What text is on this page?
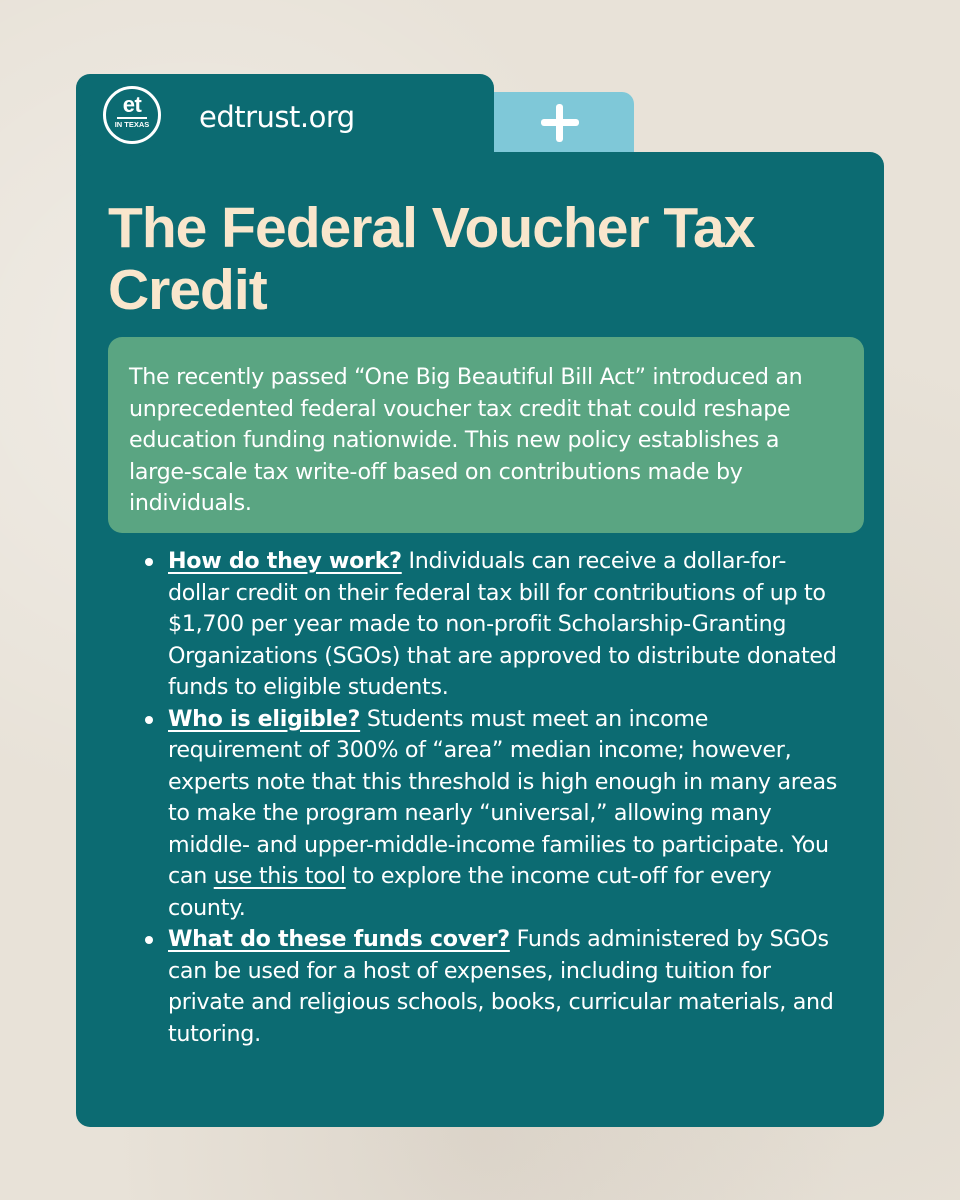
et
IN TEXAS	edtrust.org
The Federal Voucher Tax Credit
The recently passed “One Big Beautiful Bill Act” introduced an unprecedented federal voucher tax credit that could reshape education funding nationwide. This new policy establishes a large-scale tax write-off based on contributions made by individuals.
How do they work? Individuals can receive a dollar-for-dollar credit on their federal tax bill for contributions of up to $1,700 per year made to non-profit Scholarship-Granting Organizations (SGOs) that are approved to distribute donated funds to eligible students.
Who is eligible? Students must meet an income requirement of 300% of “area” median income; however, experts note that this threshold is high enough in many areas to make the program nearly “universal,” allowing many middle- and upper-middle-income families to participate. You can use this tool to explore the income cut-off for every county.
What do these funds cover? Funds administered by SGOs can be used for a host of expenses, including tuition for private and religious schools, books, curricular materials, and tutoring.
